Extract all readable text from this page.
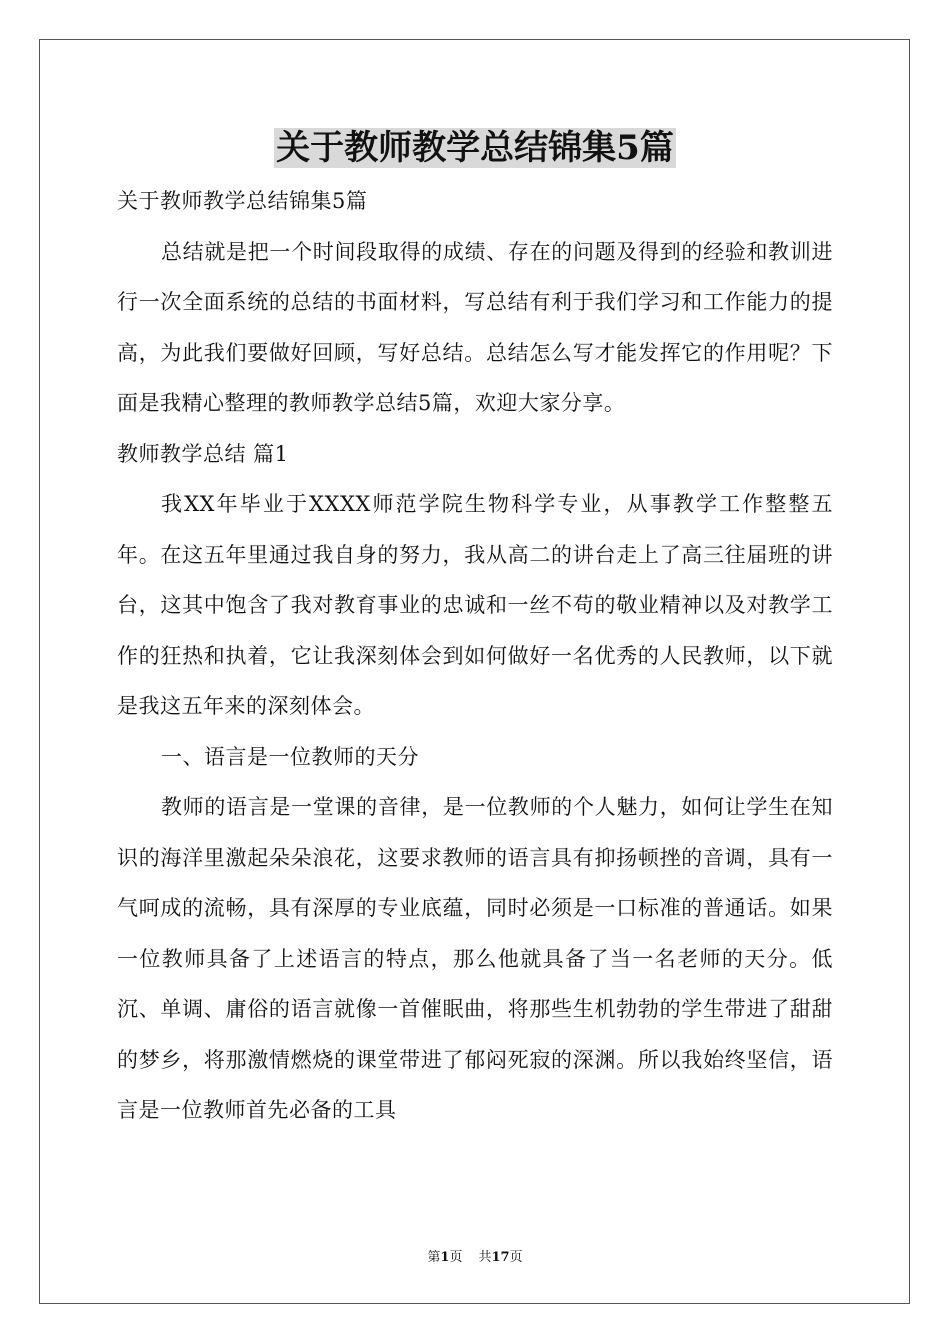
关于教师教学总结锦集5篇

关于教师教学总结锦集5篇

总结就是把一个时间段取得的成绩、存在的问题及得到的经验和教训进行一次全面系统的总结的书面材料，写总结有利于我们学习和工作能力的提高，为此我们要做好回顾，写好总结。总结怎么写才能发挥它的作用呢？下面是我精心整理的教师教学总结5篇，欢迎大家分享。

教师教学总结 篇1

我XX年毕业于XXXX师范学院生物科学专业，从事教学工作整整五年。在这五年里通过我自身的努力，我从高二的讲台走上了高三往届班的讲台，这其中饱含了我对教育事业的忠诚和一丝不苟的敬业精神以及对教学工作的狂热和执着，它让我深刻体会到如何做好一名优秀的人民教师，以下就是我这五年来的深刻体会。

一、语言是一位教师的天分

教师的语言是一堂课的音律，是一位教师的个人魅力，如何让学生在知识的海洋里激起朵朵浪花，这要求教师的语言具有抑扬顿挫的音调，具有一气呵成的流畅，具有深厚的专业底蕴，同时必须是一口标准的普通话。如果一位教师具备了上述语言的特点，那么他就具备了当一名老师的天分。低沉、单调、庸俗的语言就像一首催眠曲，将那些生机勃勃的学生带进了甜甜的梦乡，将那激情燃烧的课堂带进了郁闷死寂的深渊。所以我始终坚信，语言是一位教师首先必备的工具

第1页 共17页
